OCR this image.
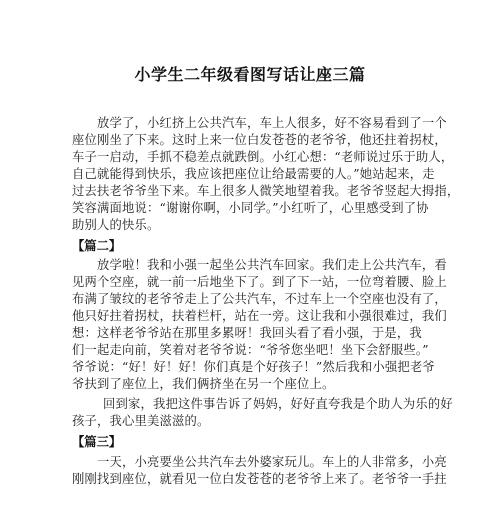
小学生二年级看图写话让座三篇
放学了，小红挤上公共汽车，车上人很多，好不容易看到了一个
座位刚坐了下来。这时上来一位白发苍苍的老爷爷，他还拄着拐杖，
车子一启动，手抓不稳差点就跌倒。小红心想：“老师说过乐于助人，
自己就能得到快乐，我应该把座位让给最需要的人。”她站起来，走
过去扶老爷爷坐下来。车上很多人微笑地望着我。老爷爷竖起大拇指，
笑容满面地说：“谢谢你啊，小同学。”小红听了，心里感受到了协
助别人的快乐。
【篇二】
放学啦！我和小强一起坐公共汽车回家。我们走上公共汽车，看
见两个空座，就一前一后地坐下了。到了下一站，一位弯着腰、脸上
布满了皱纹的老爷爷走上了公共汽车，不过车上一个空座也没有了，
他只好拄着拐杖，扶着栏杆，站在一旁。这让我和小强很难过，我们
想：这样老爷爷站在那里多累呀！我回头看了看小强，于是，我
们一起走向前，笑着对老爷爷说：“爷爷您坐吧！坐下会舒服些。”
爷爷说：“好！好！好！你们真是个好孩子！”然后我和小强把老爷
爷扶到了座位上，我们俩挤坐在另一个座位上。
回到家，我把这件事告诉了妈妈，好好直夸我是个助人为乐的好
孩子，我心里美滋滋的。
【篇三】
一天，小亮要坐公共汽车去外婆家玩儿。车上的人非常多，小亮
刚刚找到座位，就看见一位白发苍苍的老爷爷上来了。老爷爷一手拄
